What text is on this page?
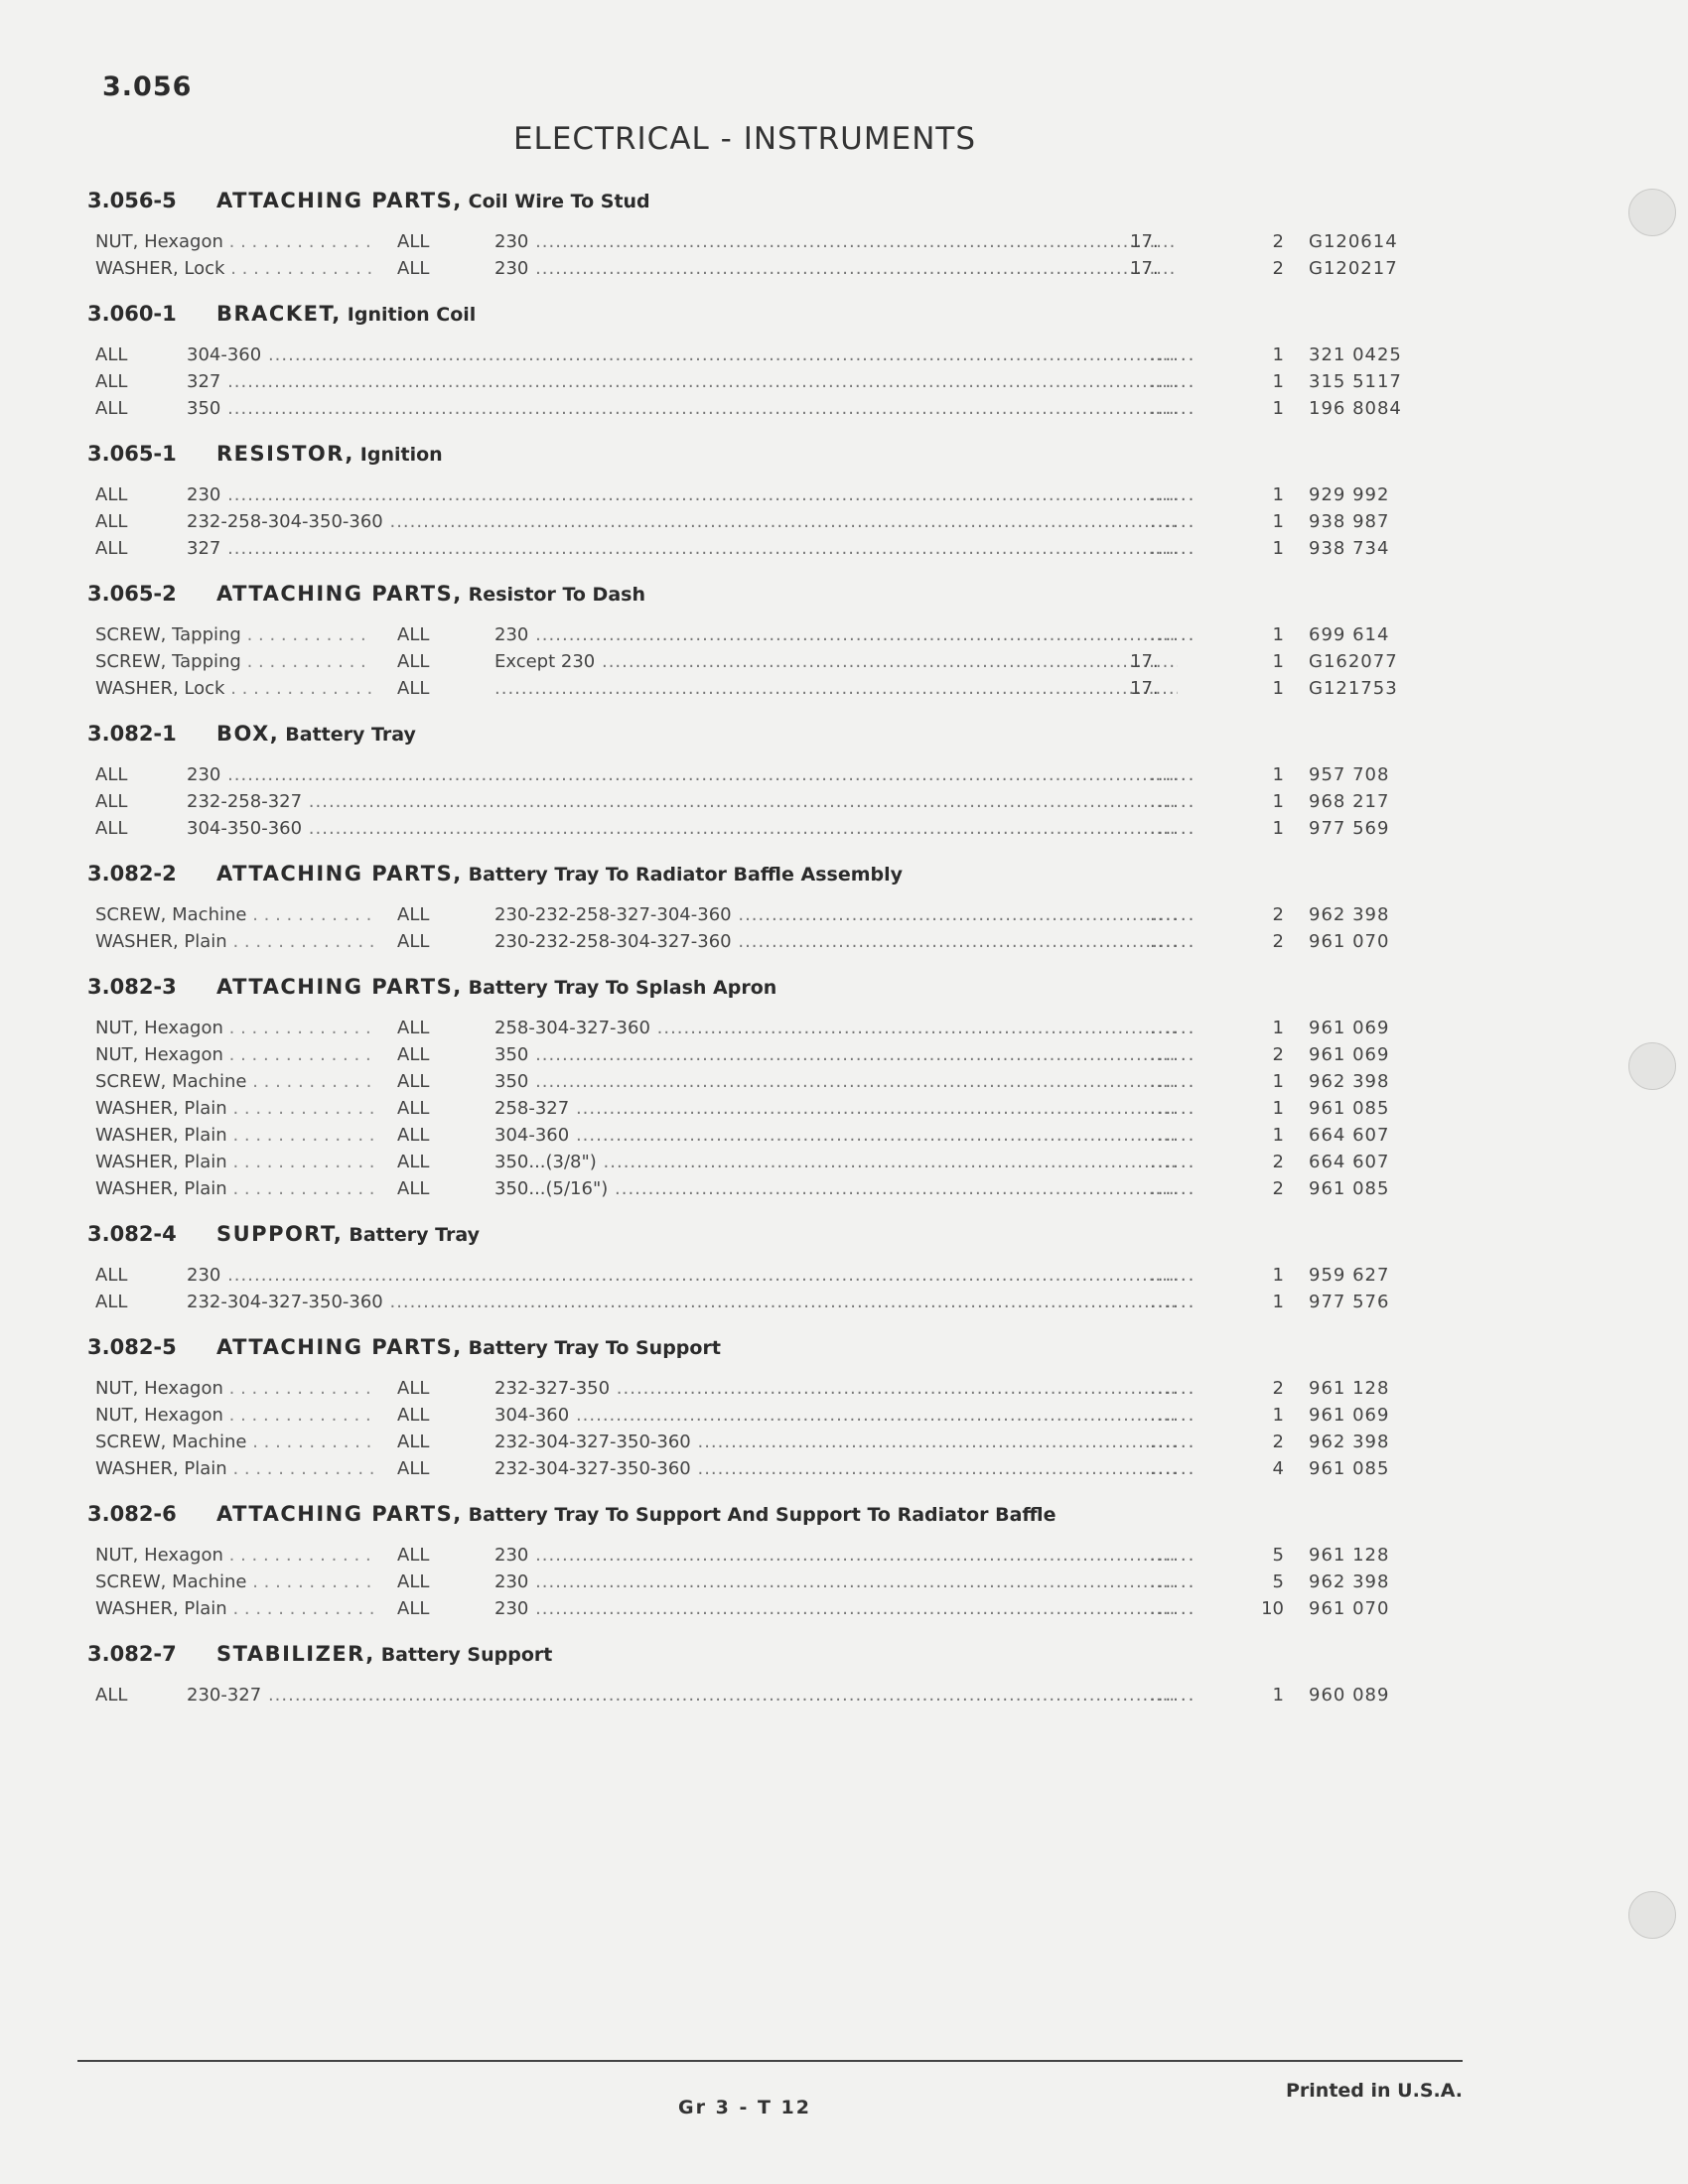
3.056
ELECTRICAL - INSTRUMENTS
3.056-5 ATTACHING PARTS, Coil Wire To Stud
NUT, Hexagon . . .	ALL	230 .....	17.	2 G120614
WASHER, Lock . . .	ALL	230 .....	17.	2 G120217
3.060-1 BRACKET, Ignition Coil
ALL	304-360 ..... ......	1 321 0425
ALL	327 ..... ......	1 315 5117
ALL	350 ..... ......	1 196 8084
3.065-1 RESISTOR, Ignition
ALL	230 ..... ......	1 929 992
ALL	232-258-304-350-360 ..... ......	1 938 987
ALL	327 ..... ......	1 938 734
3.065-2 ATTACHING PARTS, Resistor To Dash
SCREW, Tapping . . .	ALL	230 ..... ......	1 699 614
SCREW, Tapping . . .	ALL	Except 230 .....	17.	1 G162077
WASHER, Lock . . .	ALL .....	17.	1 G121753
3.082-1 BOX, Battery Tray
ALL	230 ..... ......	1 957 708
ALL	232-258-327 ..... ......	1 968 217
ALL	304-350-360 ..... ......	1 977 569
3.082-2 ATTACHING PARTS, Battery Tray To Radiator Baffle Assembly
SCREW, Machine . . .	ALL	230-232-258-327-304-360 ..... ......	2 962 398
WASHER, Plain . . .	ALL	230-232-258-304-327-360 ..... ......	2 961 070
3.082-3 ATTACHING PARTS, Battery Tray To Splash Apron
NUT, Hexagon . . .	ALL	258-304-327-360 ..... ......	1 961 069
NUT, Hexagon . . .	ALL	350 ..... ......	2 961 069
SCREW, Machine . . .	ALL	350 ..... ......	1 962 398
WASHER, Plain . . .	ALL	258-327 ..... ......	1 961 085
WASHER, Plain . . .	ALL	304-360 ..... ......	1 664 607
WASHER, Plain . . .	ALL	350...(3/8") ..... ......	2 664 607
WASHER, Plain . . .	ALL	350...(5/16") ..... ......	2 961 085
3.082-4 SUPPORT, Battery Tray
ALL	230 ..... ......	1 959 627
ALL	232-304-327-350-360 ..... ......	1 977 576
3.082-5 ATTACHING PARTS, Battery Tray To Support
NUT, Hexagon . . .	ALL	232-327-350 ..... ......	2 961 128
NUT, Hexagon . . .	ALL	304-360 ..... ......	1 961 069
SCREW, Machine . . .	ALL	232-304-327-350-360 ..... ......	2 962 398
WASHER, Plain . . .	ALL	232-304-327-350-360 ..... ......	4 961 085
3.082-6 ATTACHING PARTS, Battery Tray To Support And Support To Radiator Baffle
NUT, Hexagon . . .	ALL	230 ..... ......	5 961 128
SCREW, Machine . . .	ALL	230 ..... ......	5 962 398
WASHER, Plain . . .	ALL	230 ..... ......	10 961 070
3.082-7 STABILIZER, Battery Support
ALL	230-327 ..... ......	1 960 089
Printed in U.S.A.
Gr 3 - T 12
